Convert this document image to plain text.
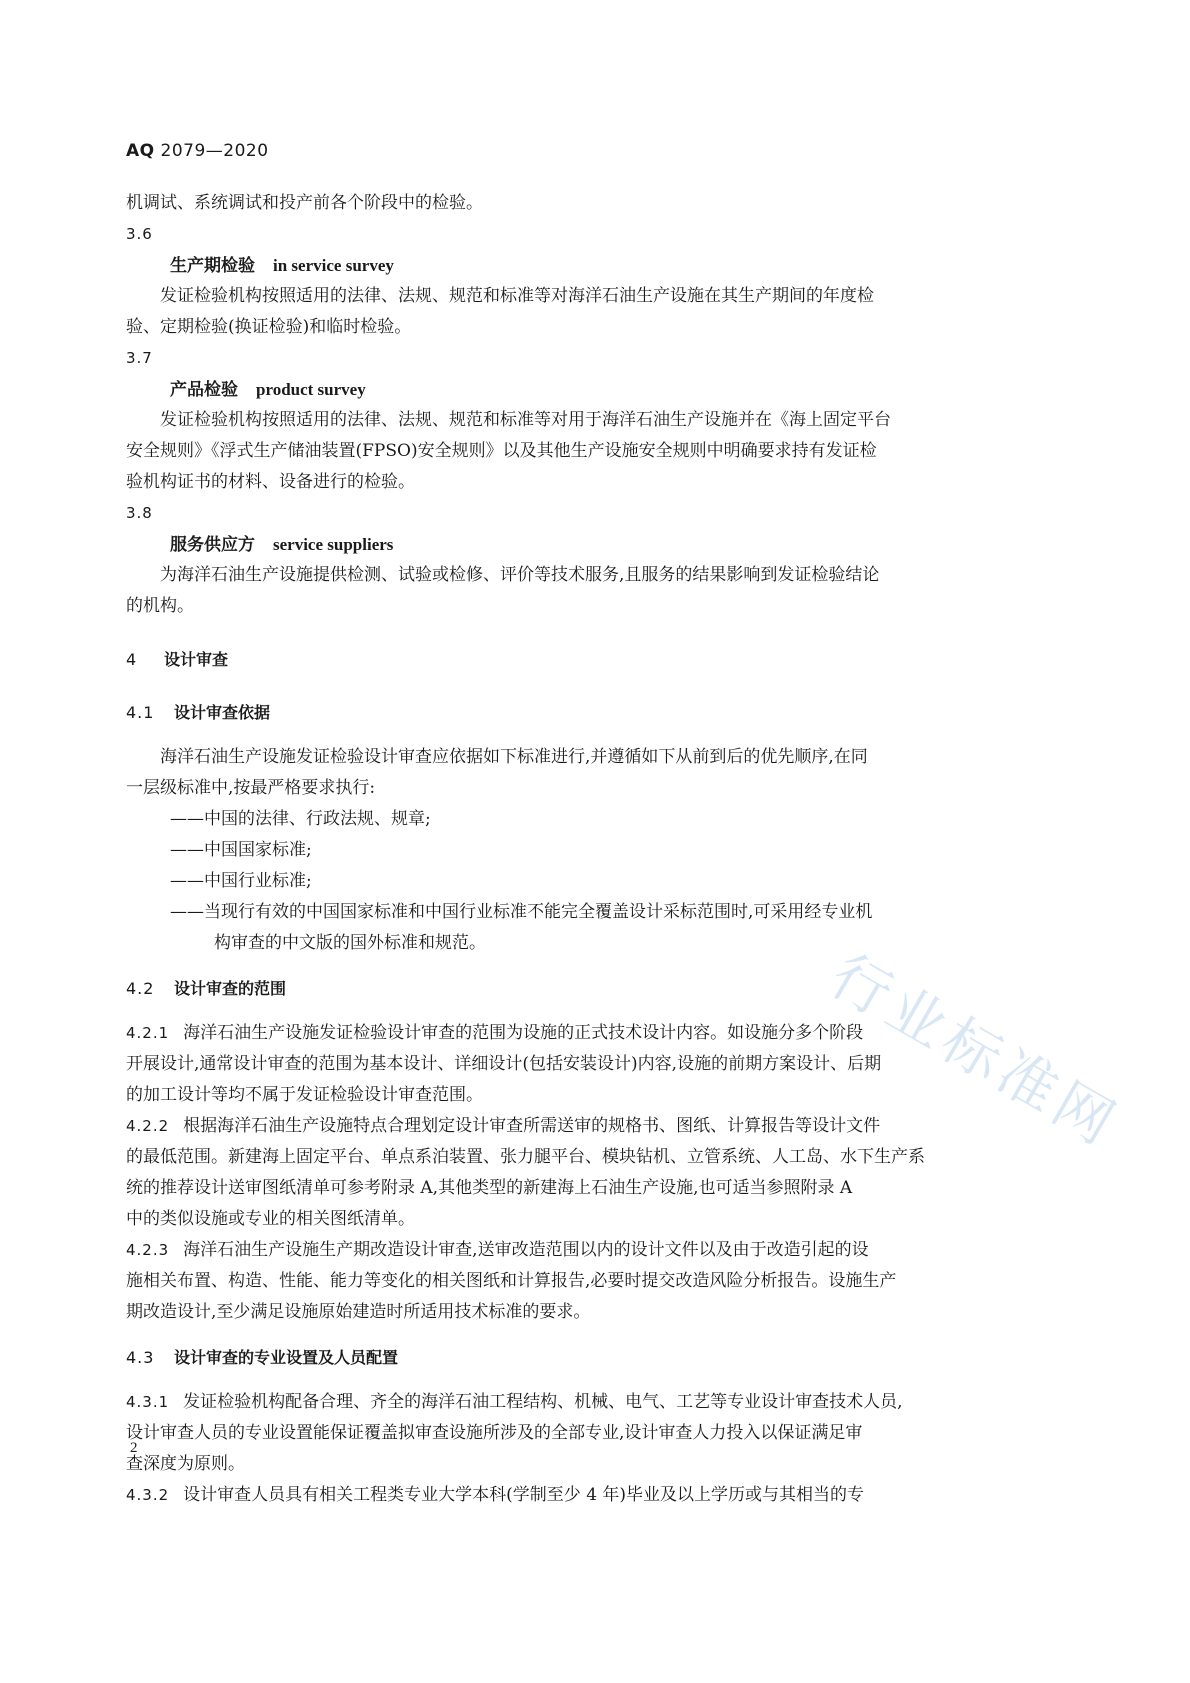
行业标准网
AQ 2079—2020
机调试、系统调试和投产前各个阶段中的检验。
3.6
生产期检验 in service survey
发证检验机构按照适用的法律、法规、规范和标准等对海洋石油生产设施在其生产期间的年度检
验、定期检验(换证检验)和临时检验。
3.7
产品检验 product survey
发证检验机构按照适用的法律、法规、规范和标准等对用于海洋石油生产设施并在《海上固定平台
安全规则》《浮式生产储油装置(FPSO)安全规则》以及其他生产设施安全规则中明确要求持有发证检
验机构证书的材料、设备进行的检验。
3.8
服务供应方 service suppliers
为海洋石油生产设施提供检测、试验或检修、评价等技术服务,且服务的结果影响到发证检验结论
的机构。
4 设计审查
4.1 设计审查依据
海洋石油生产设施发证检验设计审查应依据如下标准进行,并遵循如下从前到后的优先顺序,在同
一层级标准中,按最严格要求执行:
——中国的法律、行政法规、规章;
——中国国家标准;
——中国行业标准;
——当现行有效的中国国家标准和中国行业标准不能完全覆盖设计采标范围时,可采用经专业机
构审查的中文版的国外标准和规范。
4.2 设计审查的范围
4.2.1 海洋石油生产设施发证检验设计审查的范围为设施的正式技术设计内容。如设施分多个阶段
开展设计,通常设计审查的范围为基本设计、详细设计(包括安装设计)内容,设施的前期方案设计、后期
的加工设计等均不属于发证检验设计审查范围。
4.2.2 根据海洋石油生产设施特点合理划定设计审查所需送审的规格书、图纸、计算报告等设计文件
的最低范围。新建海上固定平台、单点系泊装置、张力腿平台、模块钻机、立管系统、人工岛、水下生产系
统的推荐设计送审图纸清单可参考附录 A,其他类型的新建海上石油生产设施,也可适当参照附录 A
中的类似设施或专业的相关图纸清单。
4.2.3 海洋石油生产设施生产期改造设计审查,送审改造范围以内的设计文件以及由于改造引起的设
施相关布置、构造、性能、能力等变化的相关图纸和计算报告,必要时提交改造风险分析报告。设施生产
期改造设计,至少满足设施原始建造时所适用技术标准的要求。
4.3 设计审查的专业设置及人员配置
4.3.1 发证检验机构配备合理、齐全的海洋石油工程结构、机械、电气、工艺等专业设计审查技术人员,
设计审查人员的专业设置能保证覆盖拟审查设施所涉及的全部专业,设计审查人力投入以保证满足审
查深度为原则。
4.3.2 设计审查人员具有相关工程类专业大学本科(学制至少 4 年)毕业及以上学历或与其相当的专
2
